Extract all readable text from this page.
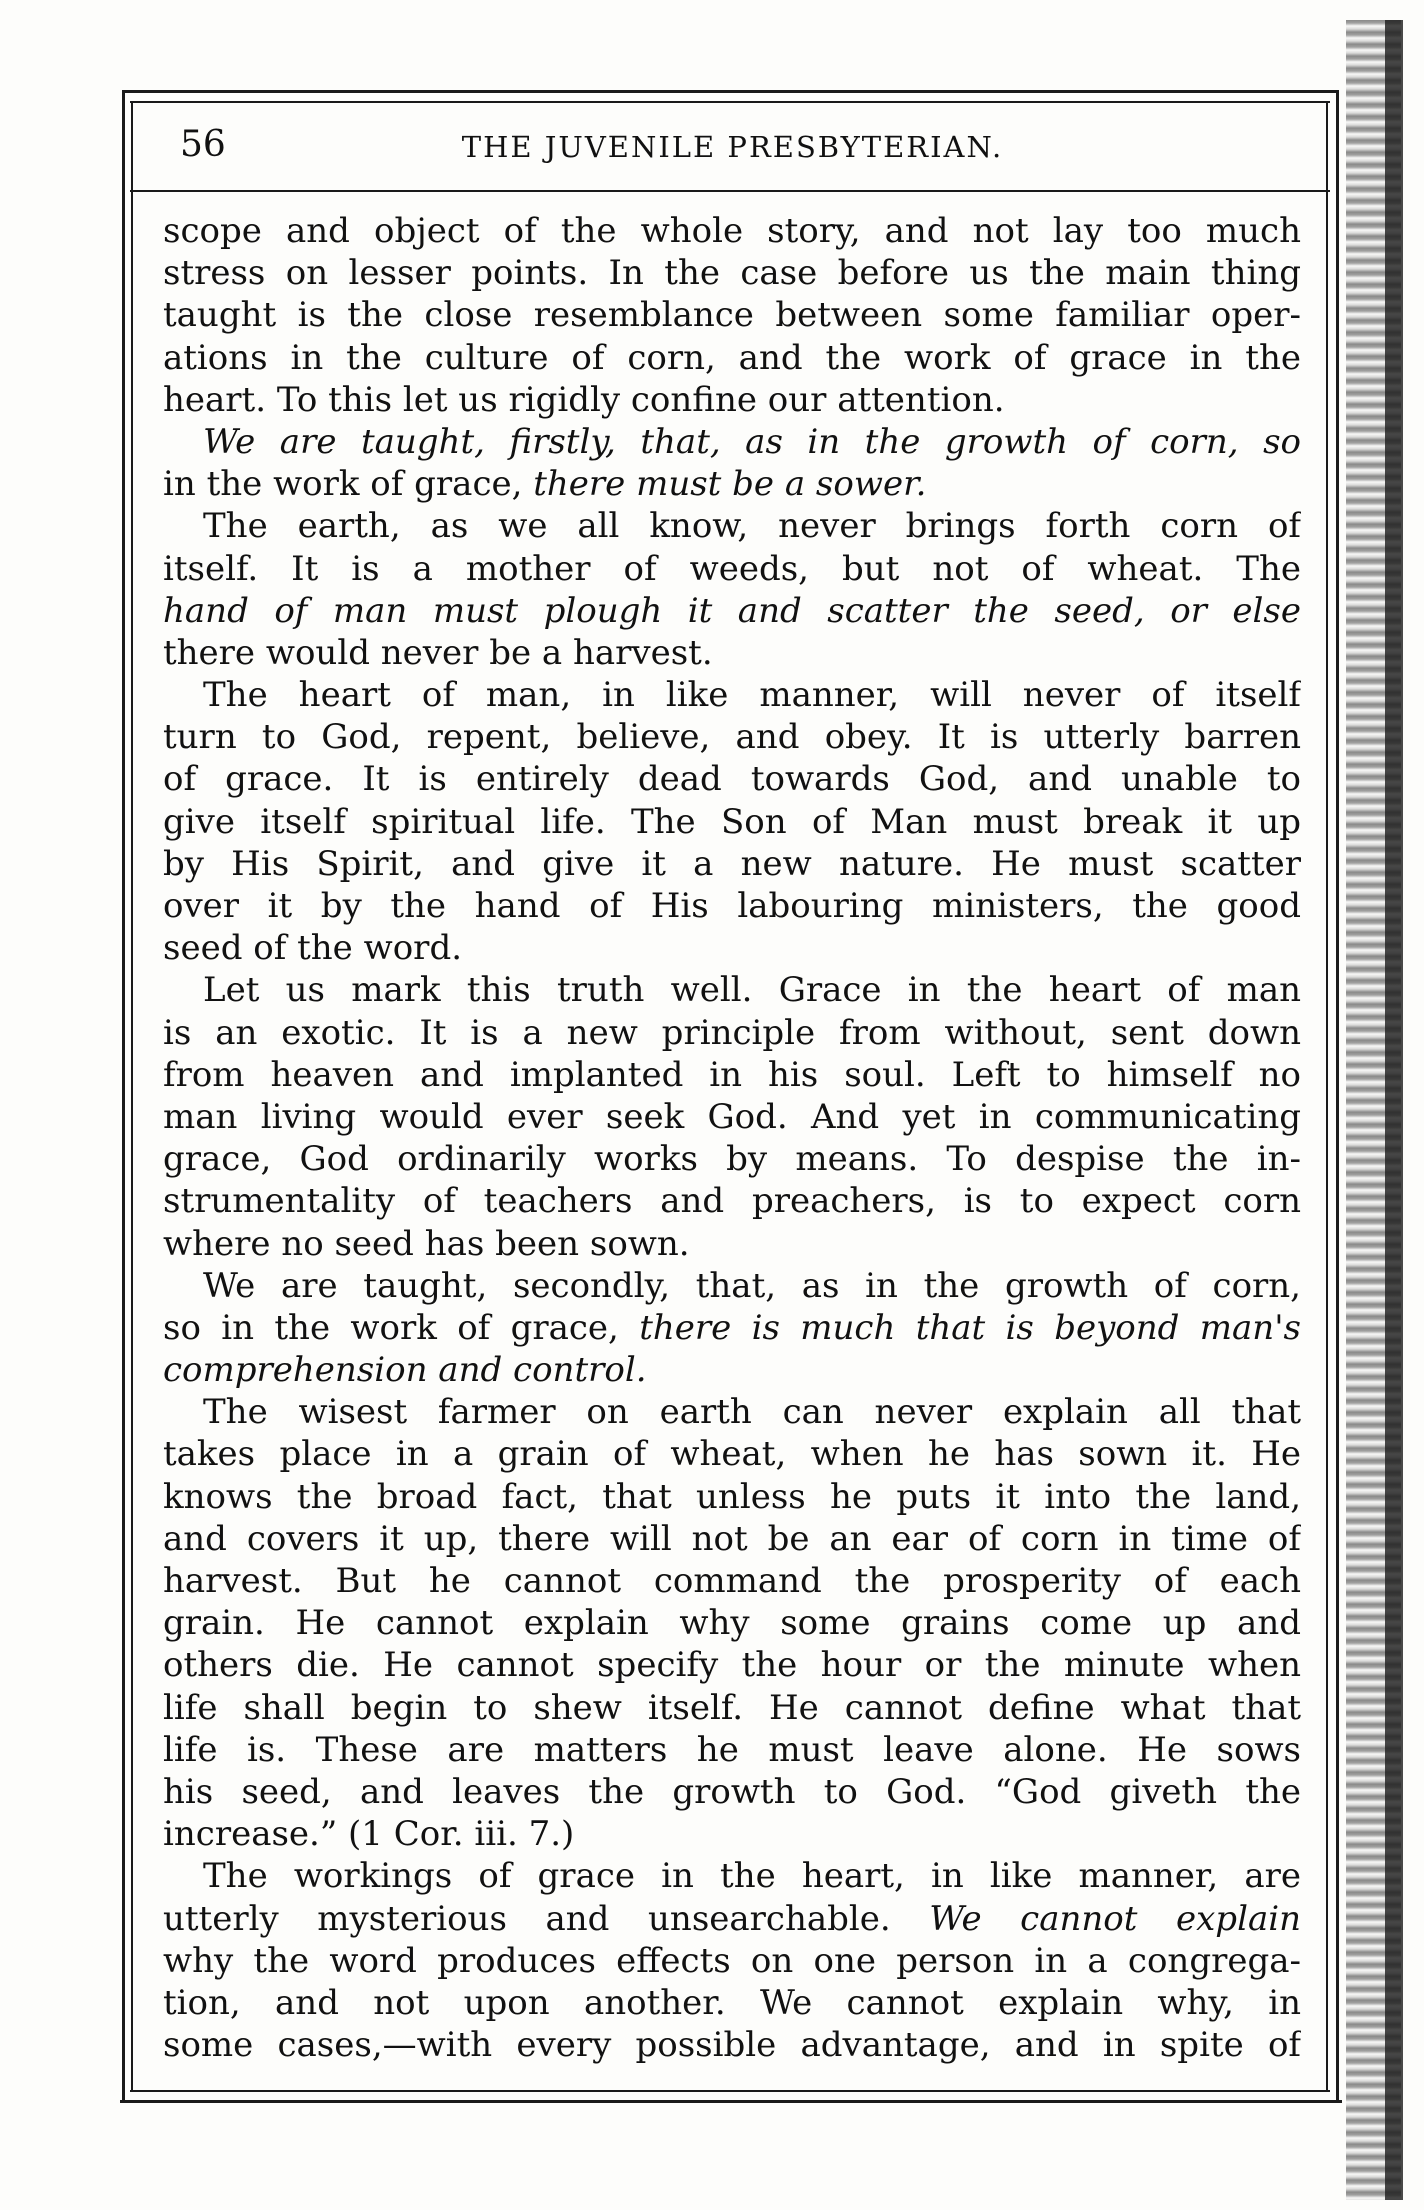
56	THE JUVENILE PRESBYTERIAN.
scope and object of the whole story, and not lay too much
stress on lesser points. In the case before us the main thing
taught is the close resemblance between some familiar oper-
ations in the culture of corn, and the work of grace in the
heart. To this let us rigidly confine our attention.
We are taught, firstly, that, as in the growth of corn, so
in the work of grace, there must be a sower.
The earth, as we all know, never brings forth corn of
itself. It is a mother of weeds, but not of wheat. The
hand of man must plough it and scatter the seed, or else
there would never be a harvest.
The heart of man, in like manner, will never of itself
turn to God, repent, believe, and obey. It is utterly barren
of grace. It is entirely dead towards God, and unable to
give itself spiritual life. The Son of Man must break it up
by His Spirit, and give it a new nature. He must scatter
over it by the hand of His labouring ministers, the good
seed of the word.
Let us mark this truth well. Grace in the heart of man
is an exotic. It is a new principle from without, sent down
from heaven and implanted in his soul. Left to himself no
man living would ever seek God. And yet in communicating
grace, God ordinarily works by means. To despise the in-
strumentality of teachers and preachers, is to expect corn
where no seed has been sown.
We are taught, secondly, that, as in the growth of corn,
so in the work of grace, there is much that is beyond man's
comprehension and control.
The wisest farmer on earth can never explain all that
takes place in a grain of wheat, when he has sown it. He
knows the broad fact, that unless he puts it into the land,
and covers it up, there will not be an ear of corn in time of
harvest. But he cannot command the prosperity of each
grain. He cannot explain why some grains come up and
others die. He cannot specify the hour or the minute when
life shall begin to shew itself. He cannot define what that
life is. These are matters he must leave alone. He sows
his seed, and leaves the growth to God. “God giveth the
increase.” (1 Cor. iii. 7.)
The workings of grace in the heart, in like manner, are
utterly mysterious and unsearchable. We cannot explain
why the word produces effects on one person in a congrega-
tion, and not upon another. We cannot explain why, in
some cases,—with every possible advantage, and in spite of
